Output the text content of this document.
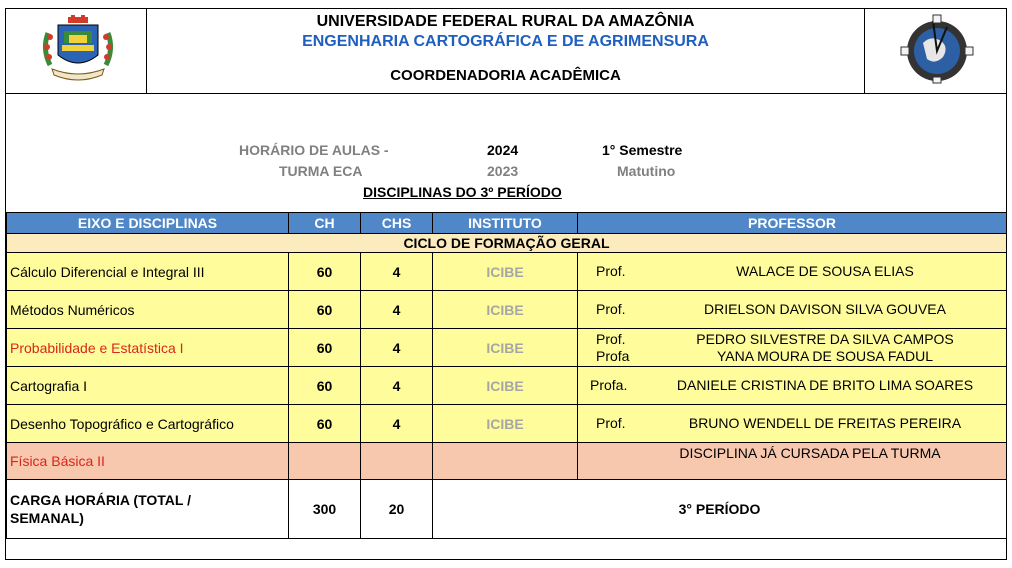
UNIVERSIDADE FEDERAL RURAL DA AMAZÔNIA
ENGENHARIA CARTOGRÁFICA E DE AGRIMENSURA
COORDENADORIA ACADÊMICA
HORÁRIO DE AULAS -
TURMA ECA
2024
2023
1° Semestre
Matutino
DISCIPLINAS DO 3º PERÍODO
EIXO E DISCIPLINAS	CH	CHS	INSTITUTO	PROFESSOR
CICLO DE FORMAÇÃO GERAL				
Cálculo Diferencial e Integral III	60	4	ICIBE	Prof. WALACE DE SOUSA ELIAS

Métodos Numéricos	60	4	ICIBE	Prof. DRIELSON DAVISON SILVA GOUVEA

Probabilidade e Estatística I	60	4	ICIBE	Prof. PEDRO SILVESTRE DA SILVA CAMPOS
Profa YANA MOURA DE SOUSA FADUL

Cartografia I	60	4	ICIBE	Profa. DANIELE CRISTINA DE BRITO LIMA SOARES

Desenho Topográfico e Cartográfico	60	4	ICIBE	Prof. BRUNO WENDELL DE FREITAS PEREIRA

Física Básica II				DISCIPLINA JÁ CURSADA PELA TURMA

CARGA HORÁRIA (TOTAL /
SEMANAL)	300	20	3° PERÍODO	
